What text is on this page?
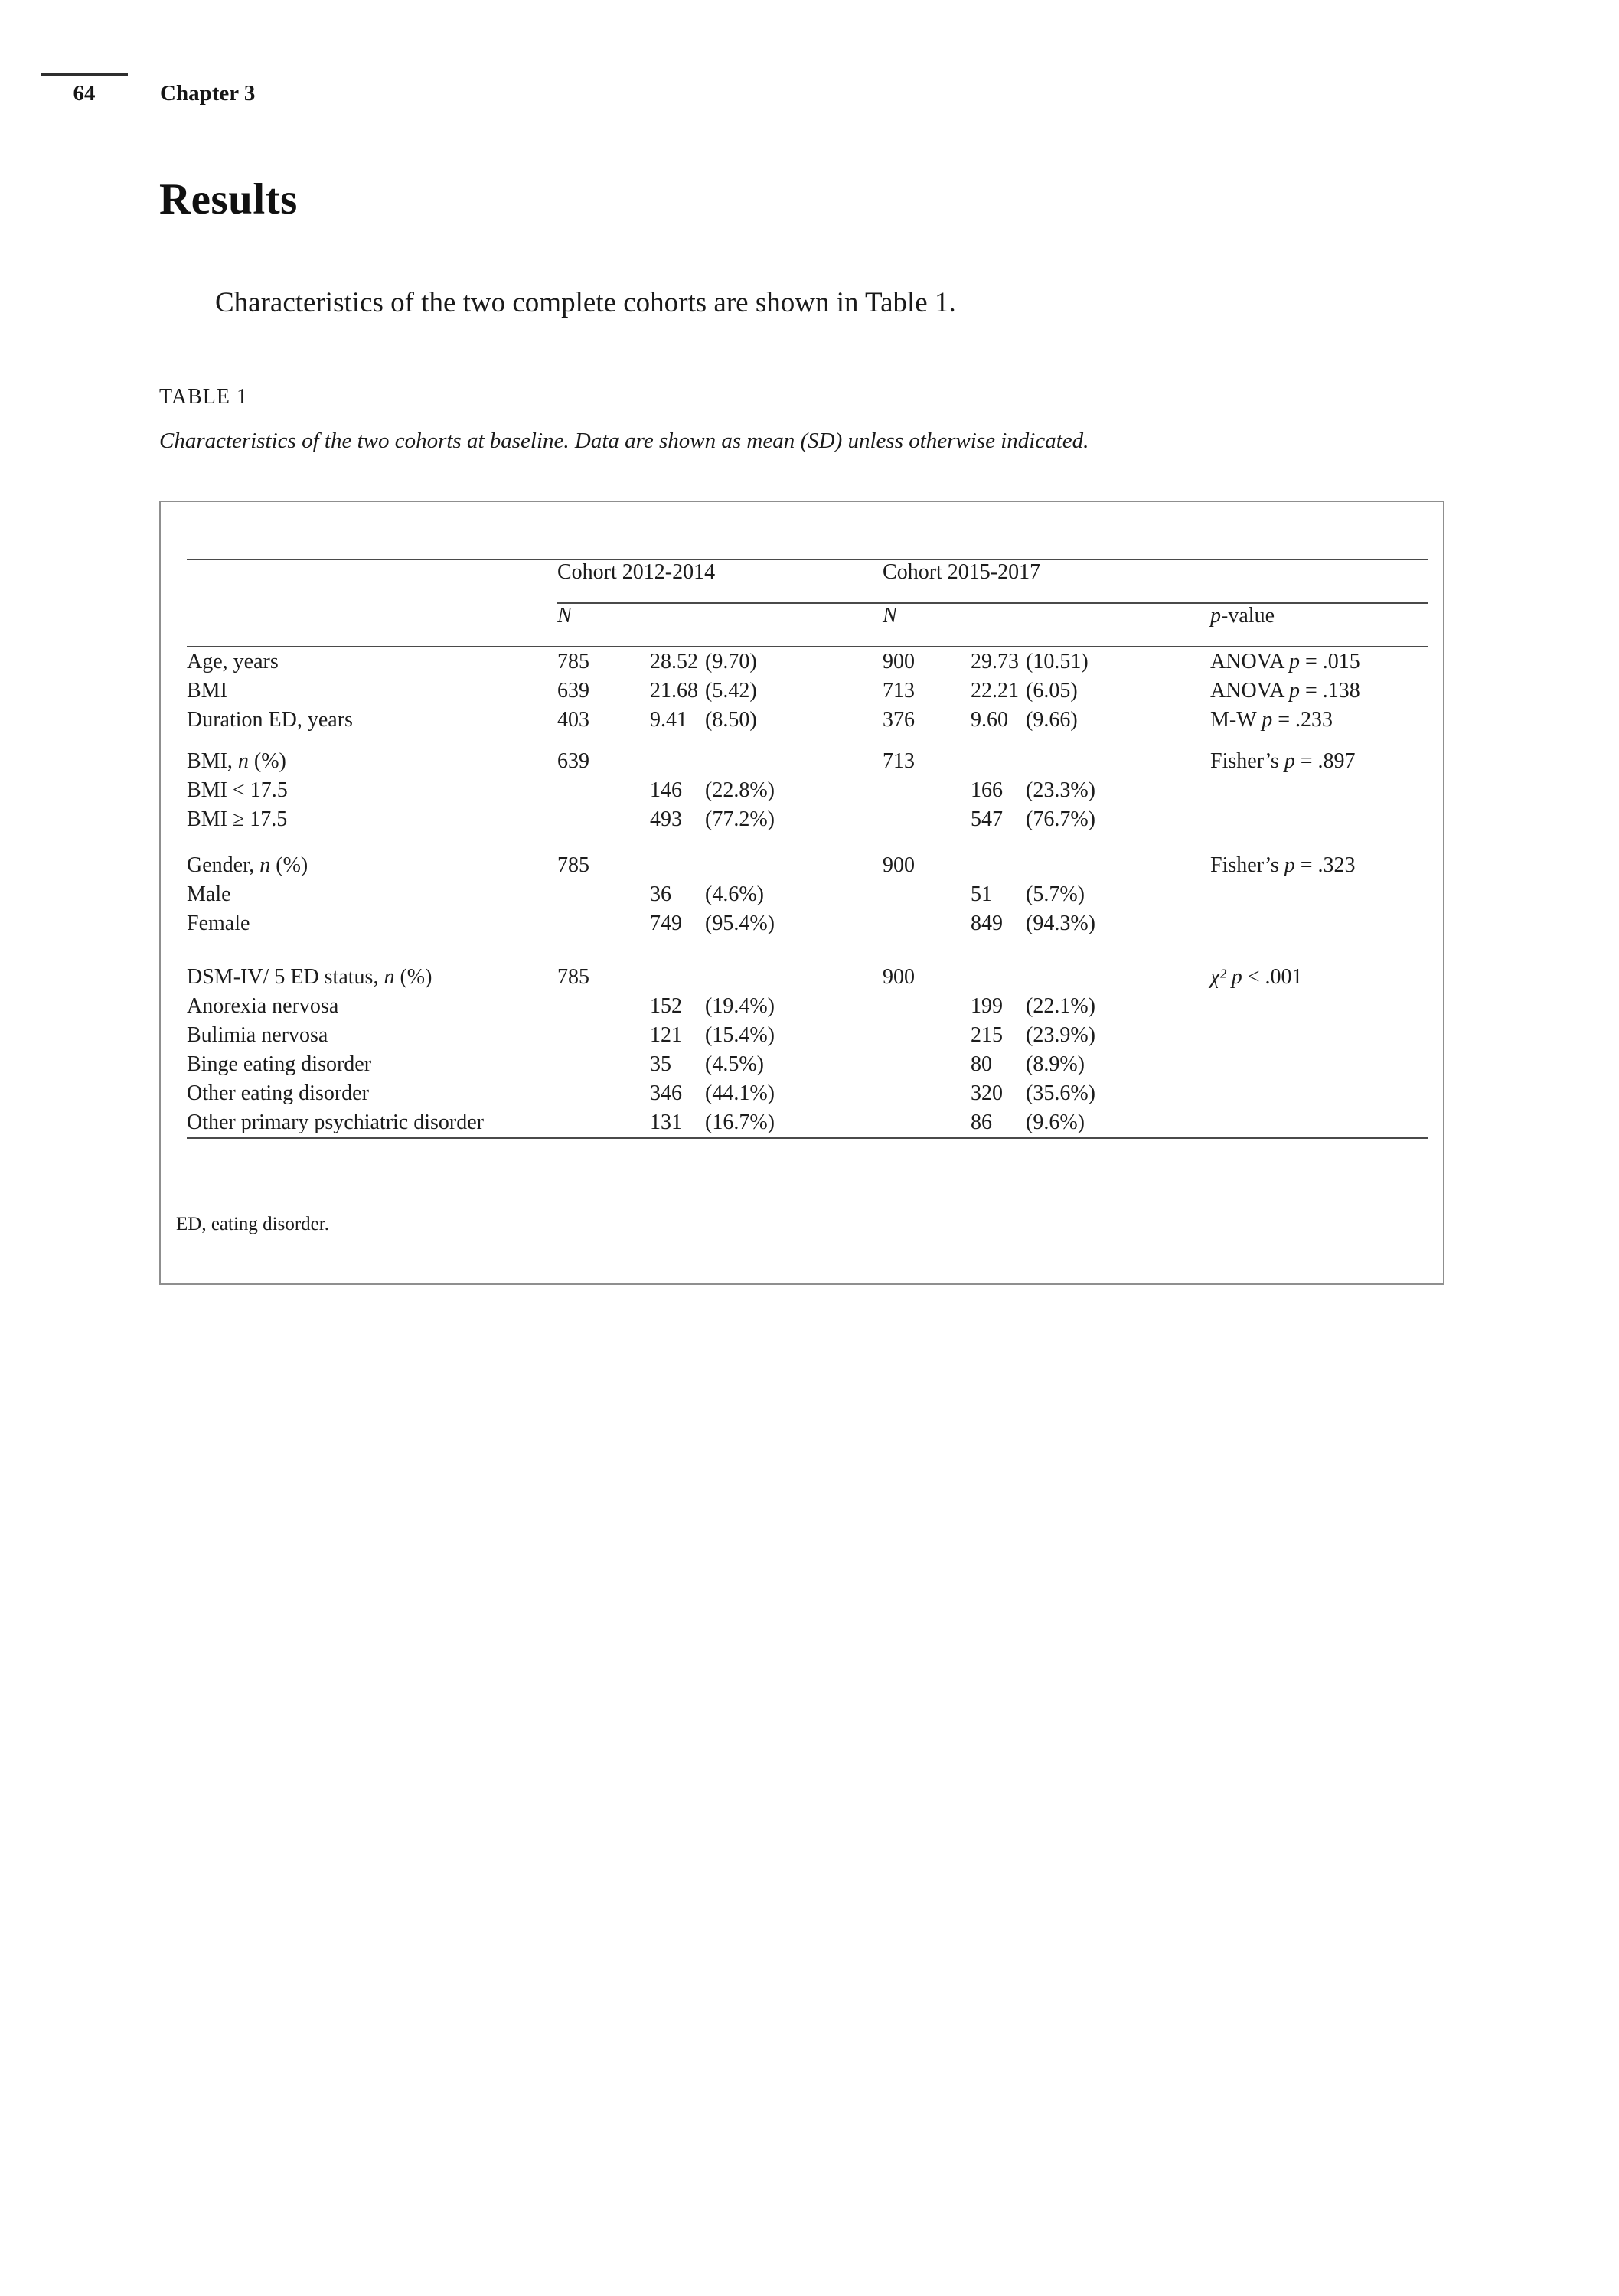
64	Chapter 3
Results
Characteristics of the two complete cohorts are shown in Table 1.
TABLE 1
Characteristics of the two cohorts at baseline. Data are shown as mean (SD) unless otherwise indicated.
	Cohort 2012-2014		Cohort 2015-2017		
	N		N		p-value
Age, years	785	28.52 (9.70)	900	29.73 (10.51)	ANOVA p = .015
BMI	639	21.68 (5.42)	713	22.21 (6.05)	ANOVA p = .138
Duration ED, years	403	9.41 (8.50)	376	9.60 (9.66)	M-W p = .233

BMI, n (%)	639		713		Fisher’s p = .897
BMI < 17.5		146 (22.8%)		166 (23.3%)	
BMI ≥ 17.5		493 (77.2%)		547 (76.7%)	

Gender, n (%)	785		900		Fisher’s p = .323
Male		36 (4.6%)		51 (5.7%)	
Female		749 (95.4%)		849 (94.3%)	

DSM-IV/ 5 ED status, n (%)	785		900		χ² p < .001
Anorexia nervosa		152 (19.4%)		199 (22.1%)	
Bulimia nervosa		121 (15.4%)		215 (23.9%)	
Binge eating disorder		35 (4.5%)		80 (8.9%)	
Other eating disorder		346 (44.1%)		320 (35.6%)	
Other primary psychiatric disorder		131 (16.7%)		86 (9.6%)	
ED, eating disorder.
